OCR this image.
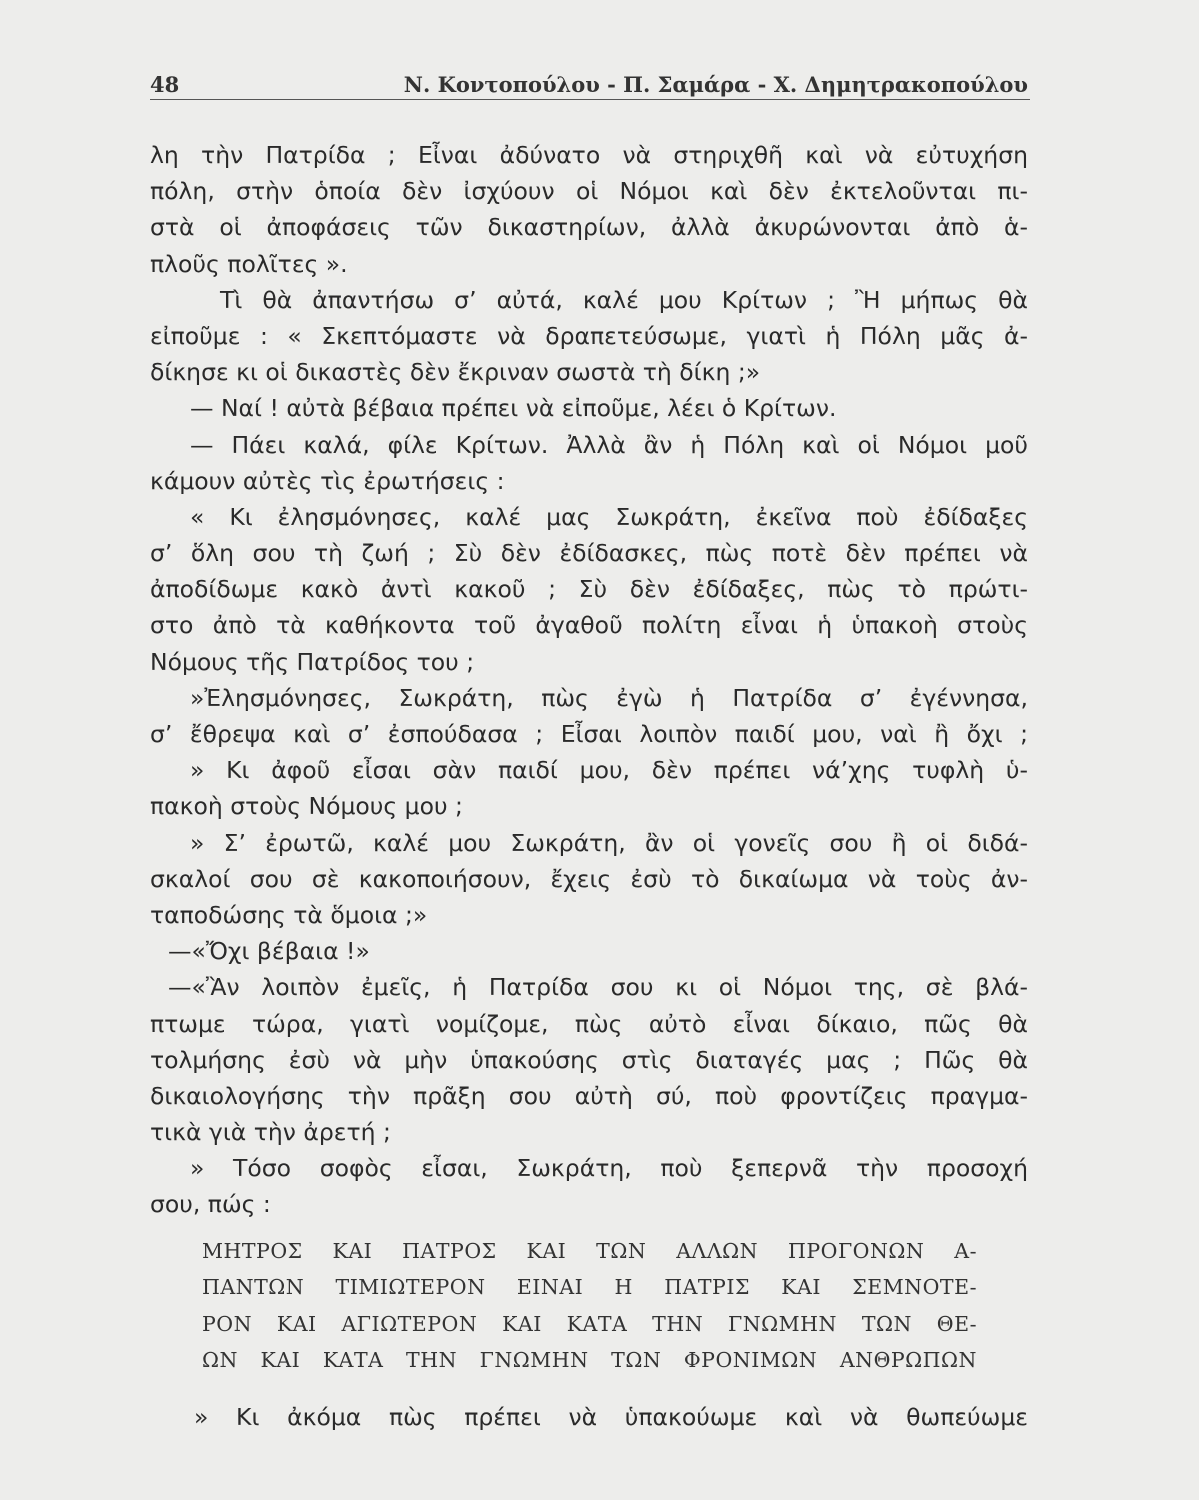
48	Ν. Κοντοπούλου - Π. Σαμάρα - Χ. Δημητρακοπούλου
λη τὴν Πατρίδα ; Εἶναι ἀδύνατο νὰ στηριχθῆ καὶ νὰ εὐτυχήση
πόλη, στὴν ὁποία δὲν ἰσχύουν οἱ Νόμοι καὶ δὲν ἐκτελοῦνται πι-
στὰ οἱ ἀποφάσεις τῶν δικαστηρίων, ἀλλὰ ἀκυρώνονται ἀπὸ ἁ-
πλοῦς πολῖτες ».
Τὶ θὰ ἀπαντήσω σ’ αὐτά, καλέ μου Κρίτων ; Ἢ μήπως θὰ
εἰποῦμε : « Σκεπτόμαστε νὰ δραπετεύσωμε, γιατὶ ἡ Πόλη μᾶς ἀ-
δίκησε κι οἱ δικαστὲς δὲν ἔκριναν σωστὰ τὴ δίκη ;»
— Ναί ! αὐτὰ βέβαια πρέπει νὰ εἰποῦμε, λέει ὁ Κρίτων.
— Πάει καλά, φίλε Κρίτων. Ἀλλὰ ἂν ἡ Πόλη καὶ οἱ Νόμοι μοῦ
κάμουν αὐτὲς τὶς ἐρωτήσεις :
« Κι ἐλησμόνησες, καλέ μας Σωκράτη, ἐκεῖνα ποὺ ἐδίδαξες
σ’ ὅλη σου τὴ ζωή ; Σὺ δὲν ἐδίδασκες, πὼς ποτὲ δὲν πρέπει νὰ
ἀποδίδωμε κακὸ ἀντὶ κακοῦ ; Σὺ δὲν ἐδίδαξες, πὼς τὸ πρώτι-
στο ἀπὸ τὰ καθήκοντα τοῦ ἀγαθοῦ πολίτη εἶναι ἡ ὑπακοὴ στοὺς
Νόμους τῆς Πατρίδος του ;
»Ἐλησμόνησες, Σωκράτη, πὼς ἐγὼ ἡ Πατρίδα σ’ ἐγέννησα,
σ’ ἔθρεψα καὶ σ’ ἐσπούδασα ; Εἶσαι λοιπὸν παιδί μου, ναὶ ἢ ὄχι ;
» Κι ἀφοῦ εἶσαι σὰν παιδί μου, δὲν πρέπει νά’χης τυφλὴ ὑ-
πακοὴ στοὺς Νόμους μου ;
» Σ’ ἐρωτῶ, καλέ μου Σωκράτη, ἂν οἱ γονεῖς σου ἢ οἱ διδά-
σκαλοί σου σὲ κακοποιήσουν, ἔχεις ἐσὺ τὸ δικαίωμα νὰ τοὺς ἀν-
ταποδώσης τὰ ὅμοια ;»
—«Ὄχι βέβαια !»
—«Ἂν λοιπὸν ἐμεῖς, ἡ Πατρίδα σου κι οἱ Νόμοι της, σὲ βλά-
πτωμε τώρα, γιατὶ νομίζομε, πὼς αὐτὸ εἶναι δίκαιο, πῶς θὰ
τολμήσης ἐσὺ νὰ μὴν ὑπακούσης στὶς διαταγές μας ; Πῶς θὰ
δικαιολογήσης τὴν πρᾶξη σου αὐτὴ σύ, ποὺ φροντίζεις πραγμα-
τικὰ γιὰ τὴν ἀρετή ;
» Τόσο σοφὸς εἶσαι, Σωκράτη, ποὺ ξεπερνᾶ τὴν προσοχή
σου, πώς :
ΜΗΤΡΟΣ ΚΑΙ ΠΑΤΡΟΣ ΚΑΙ ΤΩΝ ΑΛΛΩΝ ΠΡΟΓΟΝΩΝ Α-
ΠΑΝΤΩΝ ΤΙΜΙΩΤΕΡΟΝ ΕΙΝΑΙ Η ΠΑΤΡΙΣ ΚΑΙ ΣΕΜΝΟΤΕ-
ΡΟΝ ΚΑΙ ΑΓΙΩΤΕΡΟΝ ΚΑΙ ΚΑΤΑ ΤΗΝ ΓΝΩΜΗΝ ΤΩΝ ΘΕ-
ΩΝ ΚΑΙ ΚΑΤΑ ΤΗΝ ΓΝΩΜΗΝ ΤΩΝ ΦΡΟΝΙΜΩΝ ΑΝΘΡΩΠΩΝ
» Κι ἀκόμα πὼς πρέπει νὰ ὑπακούωμε καὶ νὰ θωπεύωμε
